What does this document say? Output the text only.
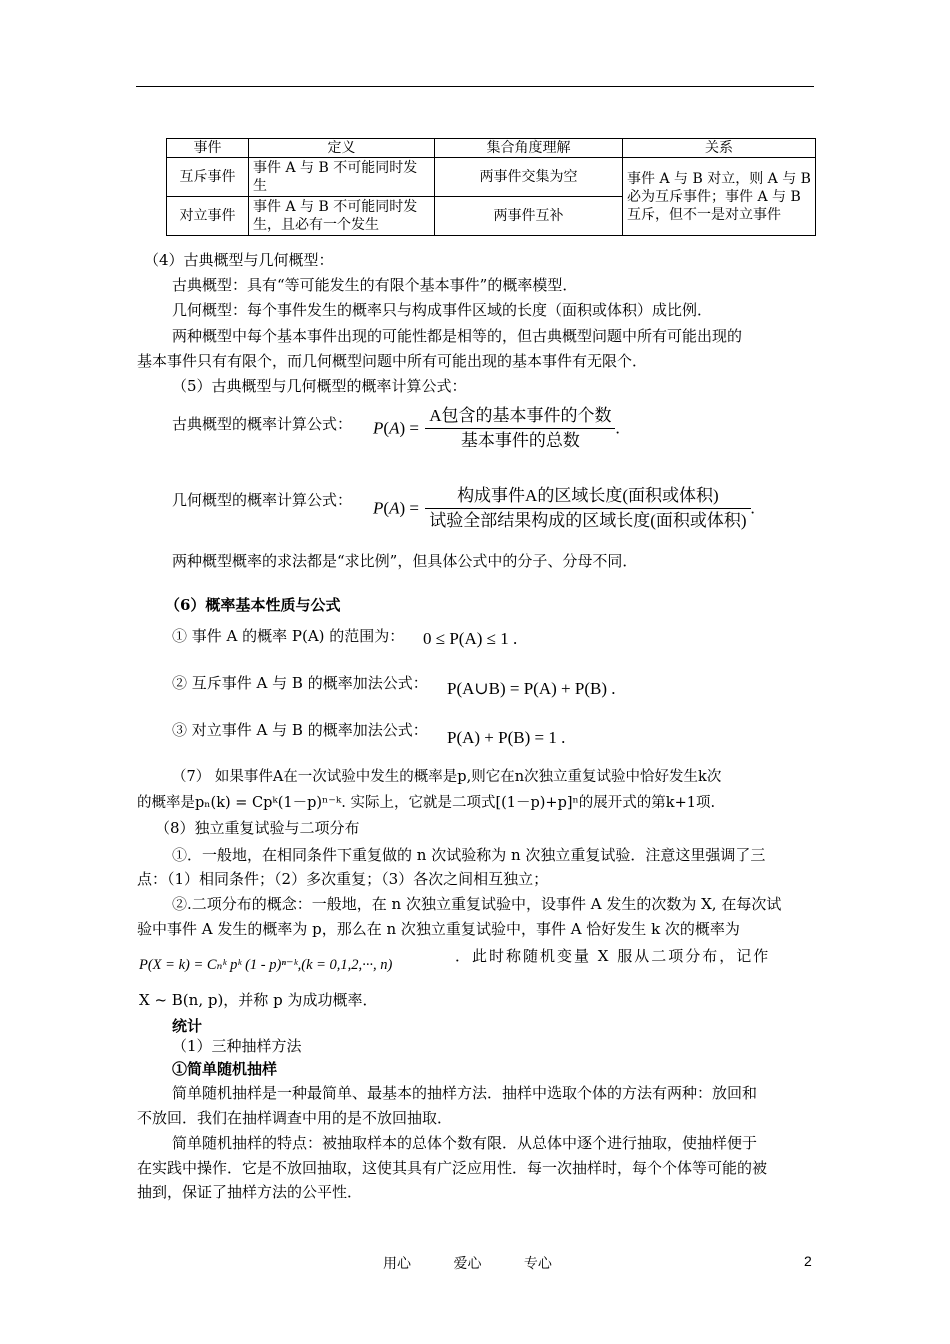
事件	定义	集合角度理解	关系
互斥事件	事件 A 与 B 不可能同时发生	两事件交集为空	事件 A 与 B 对立，则 A 与 B 必为互斥事件；事件 A 与 B 互斥，但不一是对立事件
对立事件	事件 A 与 B 不可能同时发生，且必有一个发生	两事件互补	
（4）古典概型与几何概型：
古典概型：具有“等可能发生的有限个基本事件”的概率模型．
几何概型：每个事件发生的概率只与构成事件区域的长度（面积或体积）成比例．
两种概型中每个基本事件出现的可能性都是相等的，但古典概型问题中所有可能出现的
基本事件只有有限个，而几何概型问题中所有可能出现的基本事件有无限个．
（5）古典概型与几何概型的概率计算公式：
古典概型的概率计算公式： $P(A) = \frac{\text{A包含的基本事件的个数}}{\text{基本事件的总数}}$ .
几何概型的概率计算公式： $P(A) = \frac{\text{构成事件A的区域长度(面积或体积)}}{\text{试验全部结果构成的区域长度(面积或体积)}}$ .
两种概型概率的求法都是“求比例”，但具体公式中的分子、分母不同．
（6）概率基本性质与公式
① 事件 A 的概率 P(A) 的范围为： 0 ≤ P(A) ≤ 1 .
② 互斥事件 A 与 B 的概率加法公式： P(A∪B) = P(A) + P(B) .
③ 对立事件 A 与 B 的概率加法公式： P(A) + P(B) = 1 .
（7） 如果事件A在一次试验中发生的概率是p,则它在n次独立重复试验中恰好发生k次
的概率是pₙ(k) = Cpᵏ(1－p)ⁿ⁻ᵏ. 实际上，它就是二项式[(1－p)+p]ⁿ的展开式的第k+1项.
（8）独立重复试验与二项分布
①．一般地，在相同条件下重复做的 n 次试验称为 n 次独立重复试验．注意这里强调了三
点：（1）相同条件；（2）多次重复；（3）各次之间相互独立；
②.二项分布的概念：一般地，在 n 次独立重复试验中，设事件 A 发生的次数为 X, 在每次试
验中事件 A 发生的概率为 p，那么在 n 次独立重复试验中，事件 A 恰好发生 k 次的概率为
P(X = k) = Cₙᵏ pᵏ (1 - p)ⁿ⁻ᵏ,(k = 0,1,2,···, n)	．此时称随机变量 X 服从二项分布，记作
X ~ B(n, p)，并称 p 为成功概率．
统计
（1）三种抽样方法
①简单随机抽样
简单随机抽样是一种最简单、最基本的抽样方法．抽样中选取个体的方法有两种：放回和
不放回．我们在抽样调查中用的是不放回抽取．
简单随机抽样的特点：被抽取样本的总体个数有限．从总体中逐个进行抽取，使抽样便于
在实践中操作．它是不放回抽取，这使其具有广泛应用性．每一次抽样时，每个个体等可能的被
抽到，保证了抽样方法的公平性．
用心	爱心	专心	2
